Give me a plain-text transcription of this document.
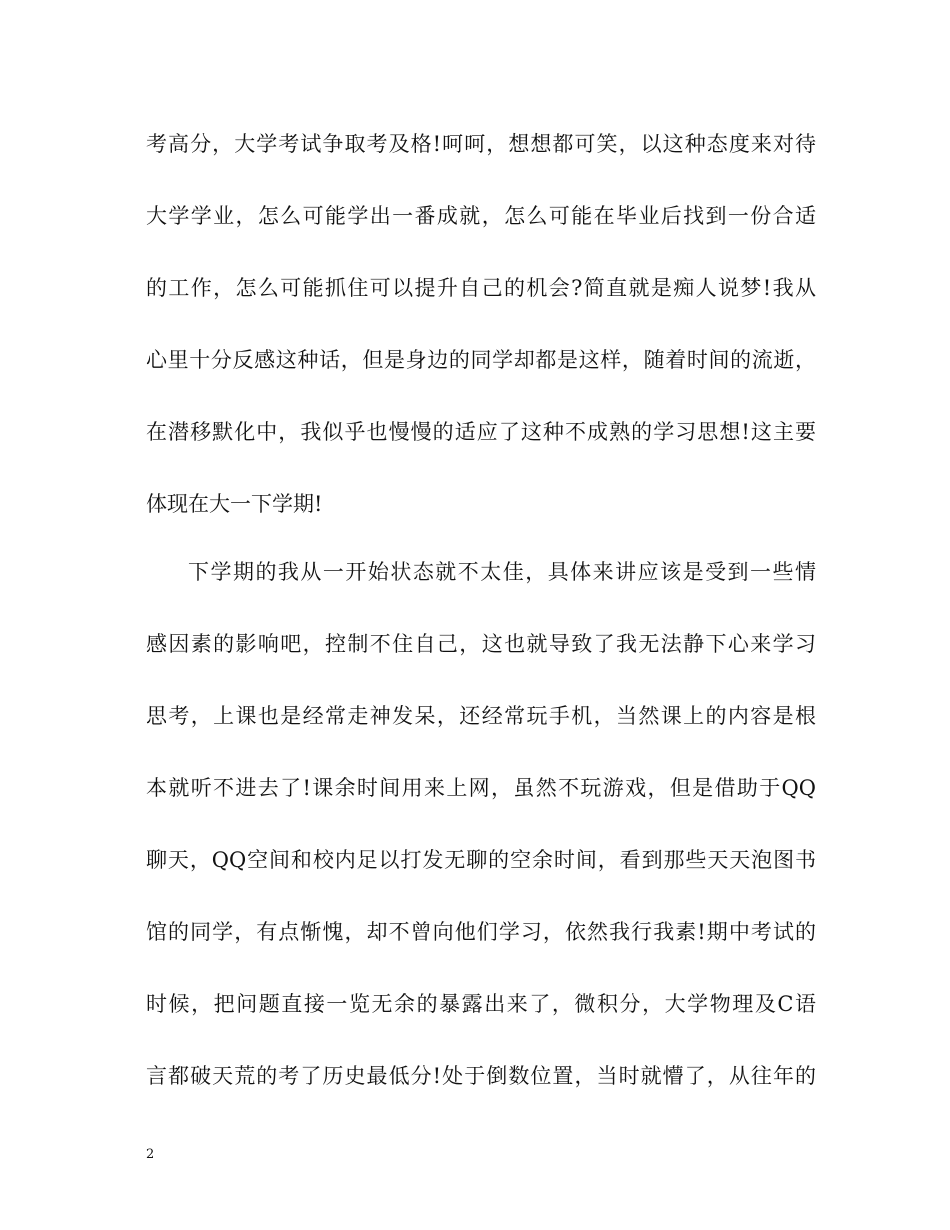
考高分，大学考试争取考及格!呵呵，想想都可笑，以这种态度来对待
大学学业，怎么可能学出一番成就，怎么可能在毕业后找到一份合适
的工作，怎么可能抓住可以提升自己的机会?简直就是痴人说梦!我从
心里十分反感这种话，但是身边的同学却都是这样，随着时间的流逝，
在潜移默化中，我似乎也慢慢的适应了这种不成熟的学习思想!这主要
体现在大一下学期!
下学期的我从一开始状态就不太佳，具体来讲应该是受到一些情
感因素的影响吧，控制不住自己，这也就导致了我无法静下心来学习
思考，上课也是经常走神发呆，还经常玩手机，当然课上的内容是根
本就听不进去了!课余时间用来上网，虽然不玩游戏，但是借助于QQ
聊天，QQ空间和校内足以打发无聊的空余时间，看到那些天天泡图书
馆的同学，有点惭愧，却不曾向他们学习，依然我行我素!期中考试的
时候，把问题直接一览无余的暴露出来了，微积分，大学物理及C语
言都破天荒的考了历史最低分!处于倒数位置，当时就懵了，从往年的
2
